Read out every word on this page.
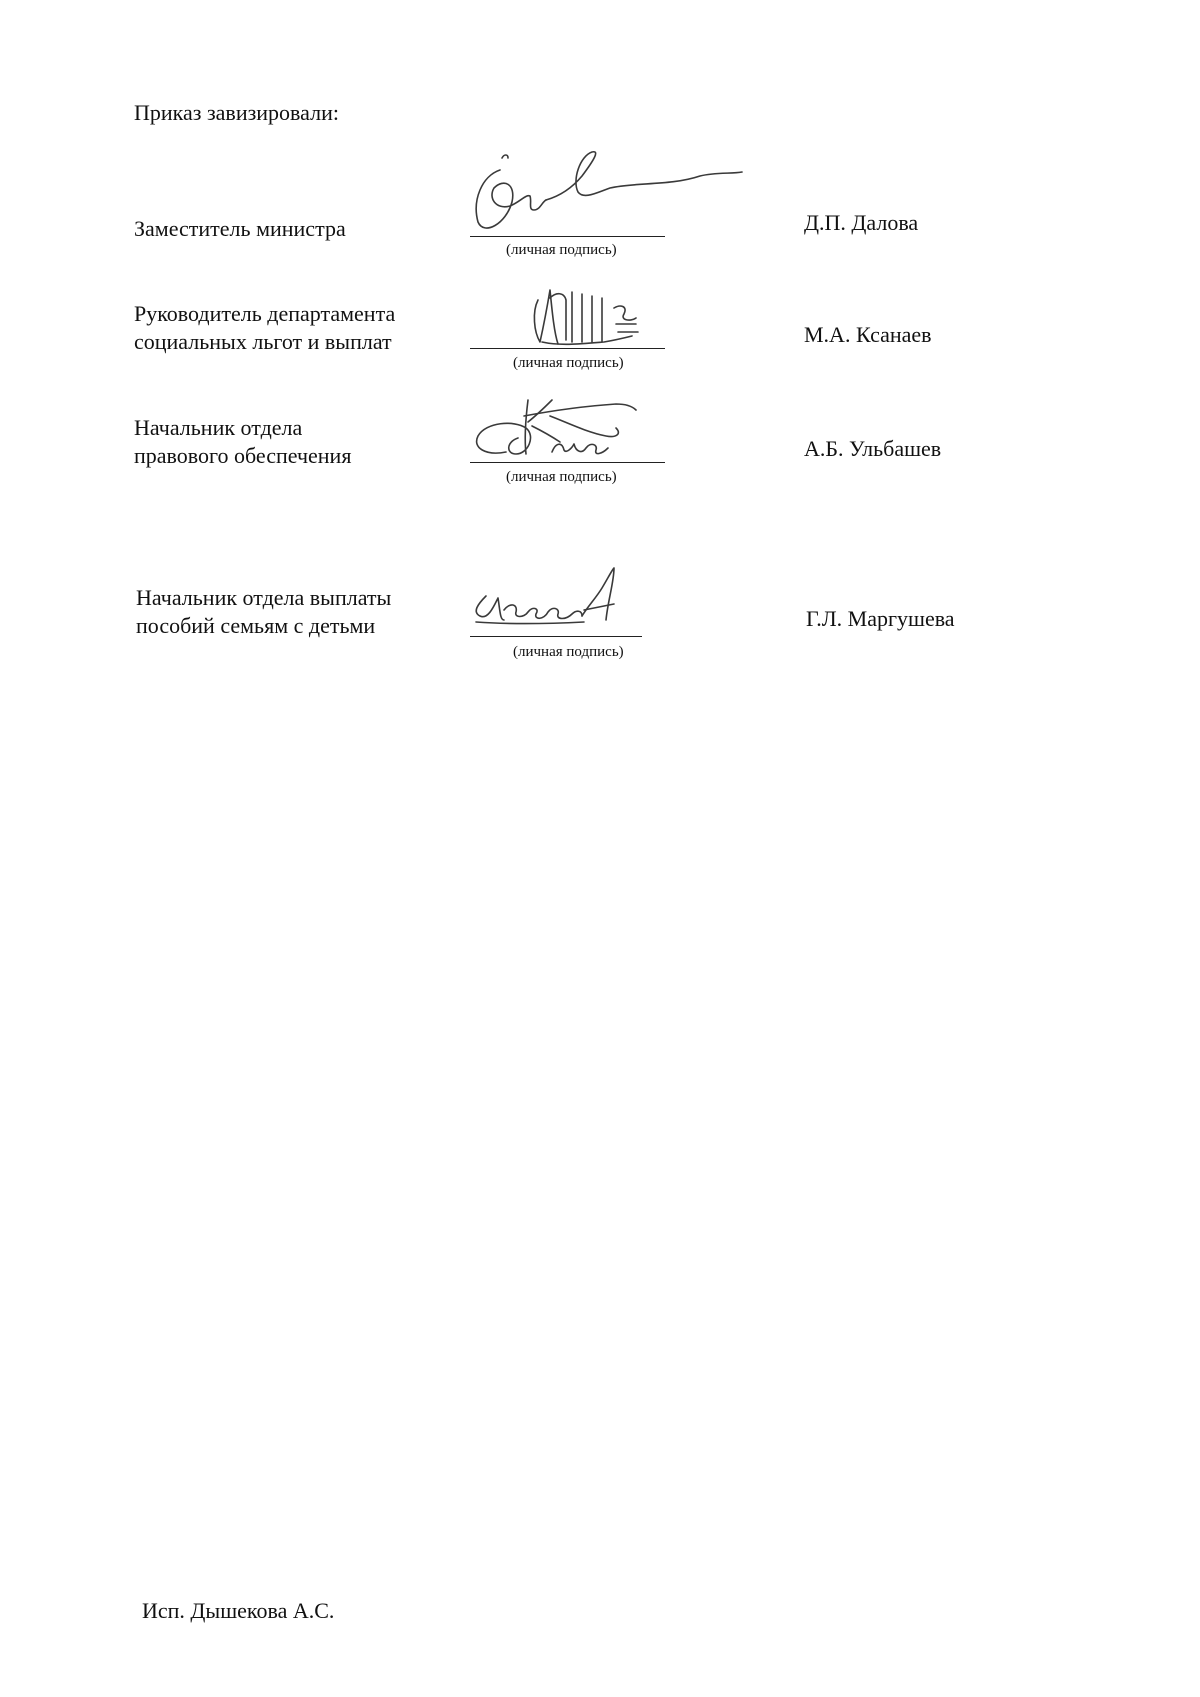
Приказ завизировали:
Заместитель министра
(личная подпись)
Д.П. Далова
Руководитель департамента
социальных льгот и выплат
(личная подпись)
М.А. Ксанаев
Начальник отдела
правового обеспечения
(личная подпись)
А.Б. Ульбашев
Начальник отдела выплаты
пособий семьям с детьми
(личная подпись)
Г.Л. Маргушева
Исп. Дышекова А.С.
